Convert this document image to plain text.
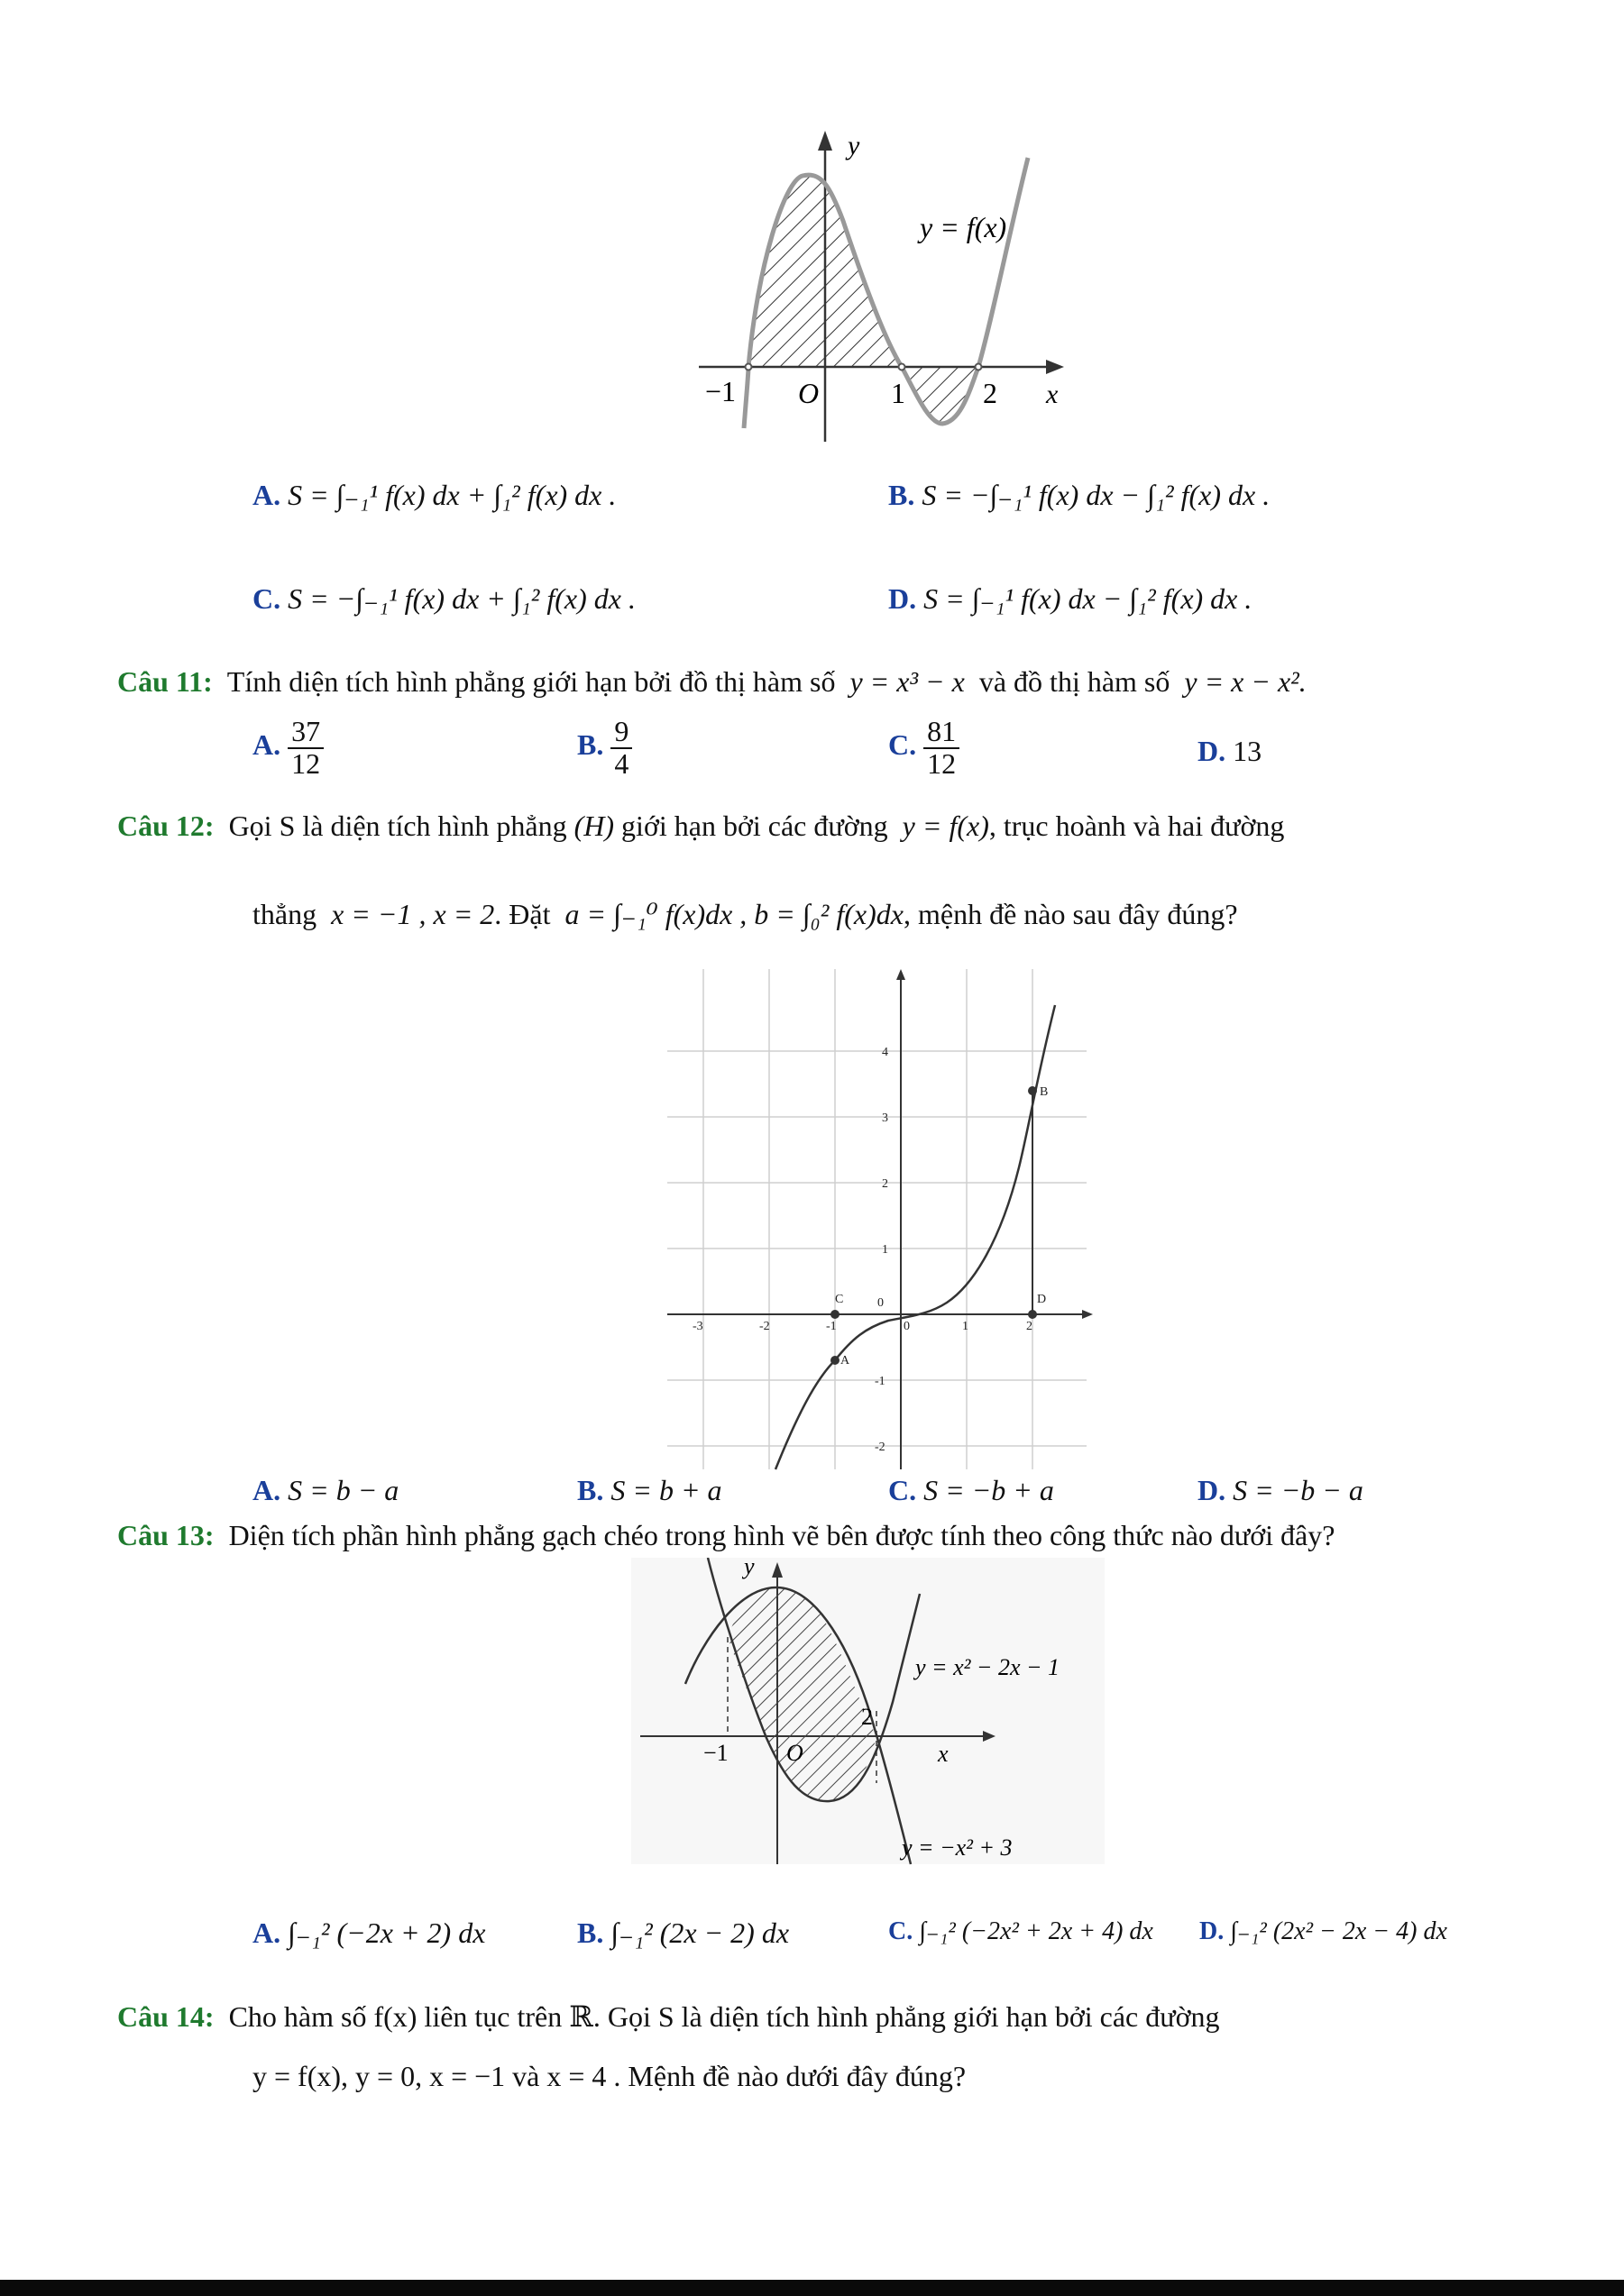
y
x
y = f(x)
−1 O 1	2
A. S = ∫₋₁¹ f(x) dx + ∫₁² f(x) dx .	B. S = −∫₋₁¹ f(x) dx − ∫₁² f(x) dx .
C. S = −∫₋₁¹ f(x) dx + ∫₁² f(x) dx .	D. S = ∫₋₁¹ f(x) dx − ∫₁² f(x) dx .
Câu 11: Tính diện tích hình phẳng giới hạn bởi đồ thị hàm số y = x³ − x và đồ thị hàm số y = x − x².
A. $\frac{37}{12}$	B. $\frac{9}{4}$	C. $\frac{81}{12}$	D. 13
Câu 12: Gọi S là diện tích hình phẳng (H) giới hạn bởi các đường y = f(x), trục hoành và hai đường
thẳng x = −1 , x = 2. Đặt a = ∫₋₁⁰ f(x)dx , b = ∫₀² f(x)dx, mệnh đề nào sau đây đúng?
-3	-2	-1	0	1	2
4
3
2
1
-1
-2
B
C	D
A
0
A. S = b − a	B. S = b + a	C. S = −b + a	D. S = −b − a
Câu 13: Diện tích phần hình phẳng gạch chéo trong hình vẽ bên được tính theo công thức nào dưới đây?
y
x
y = x² − 2x − 1
y = −x² + 3
−1 O
2
A. ∫₋₁² (−2x + 2) dx	B. ∫₋₁² (2x − 2) dx	C. ∫₋₁² (−2x² + 2x + 4) dx D. ∫₋₁² (2x² − 2x − 4) dx
Câu 14: Cho hàm số f(x) liên tục trên ℝ. Gọi S là diện tích hình phẳng giới hạn bởi các đường
y = f(x), y = 0, x = −1 và x = 4 . Mệnh đề nào dưới đây đúng?
